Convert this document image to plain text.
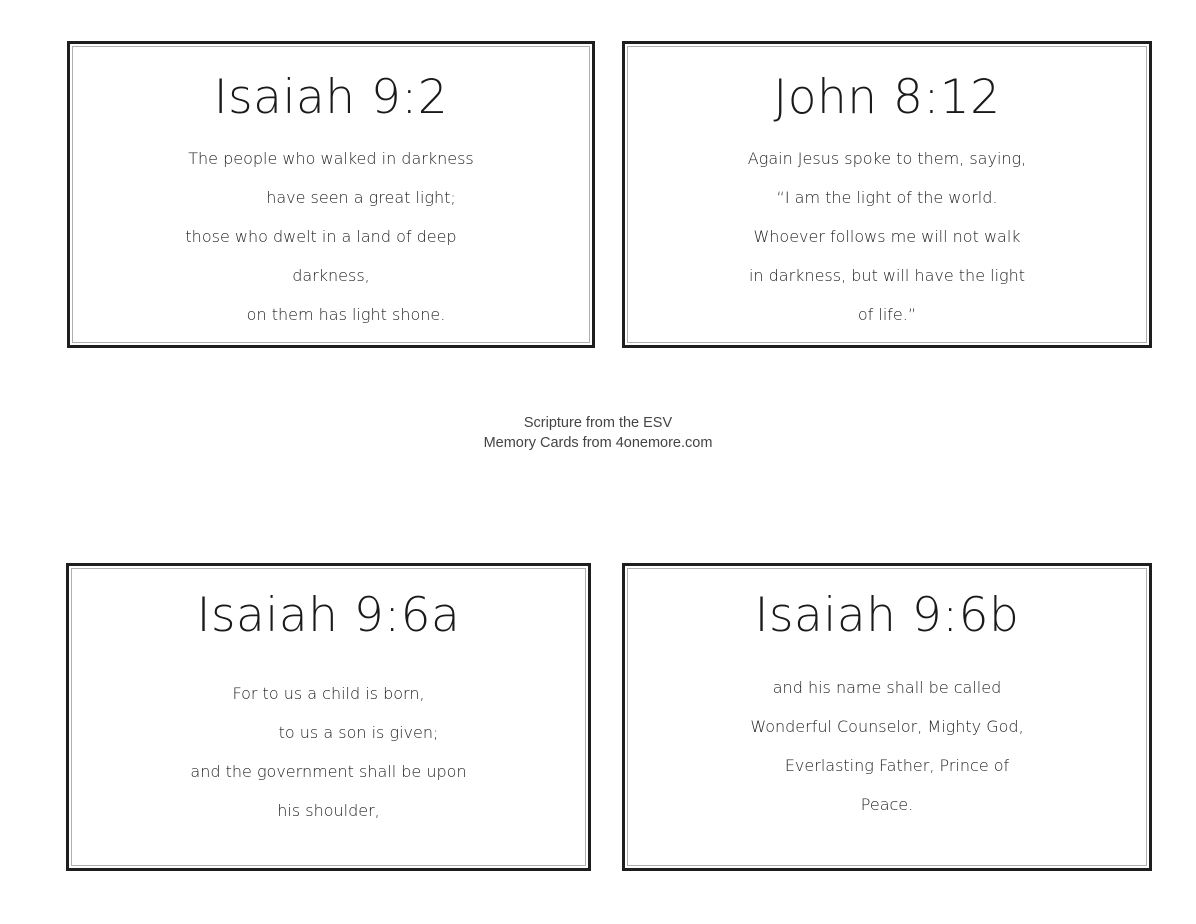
Isaiah 9:2
The people who walked in darkness
have seen a great light;
those who dwelt in a land of deep
darkness,
on them has light shone.
John 8:12
Again Jesus spoke to them, saying,
“I am the light of the world.
Whoever follows me will not walk
in darkness, but will have the light
of life.”
Scripture from the ESV
Memory Cards from 4onemore.com
Isaiah 9:6a
For to us a child is born,
to us a son is given;
and the government shall be upon
his shoulder,
Isaiah 9:6b
and his name shall be called
Wonderful Counselor, Mighty God,
Everlasting Father, Prince of
Peace.
